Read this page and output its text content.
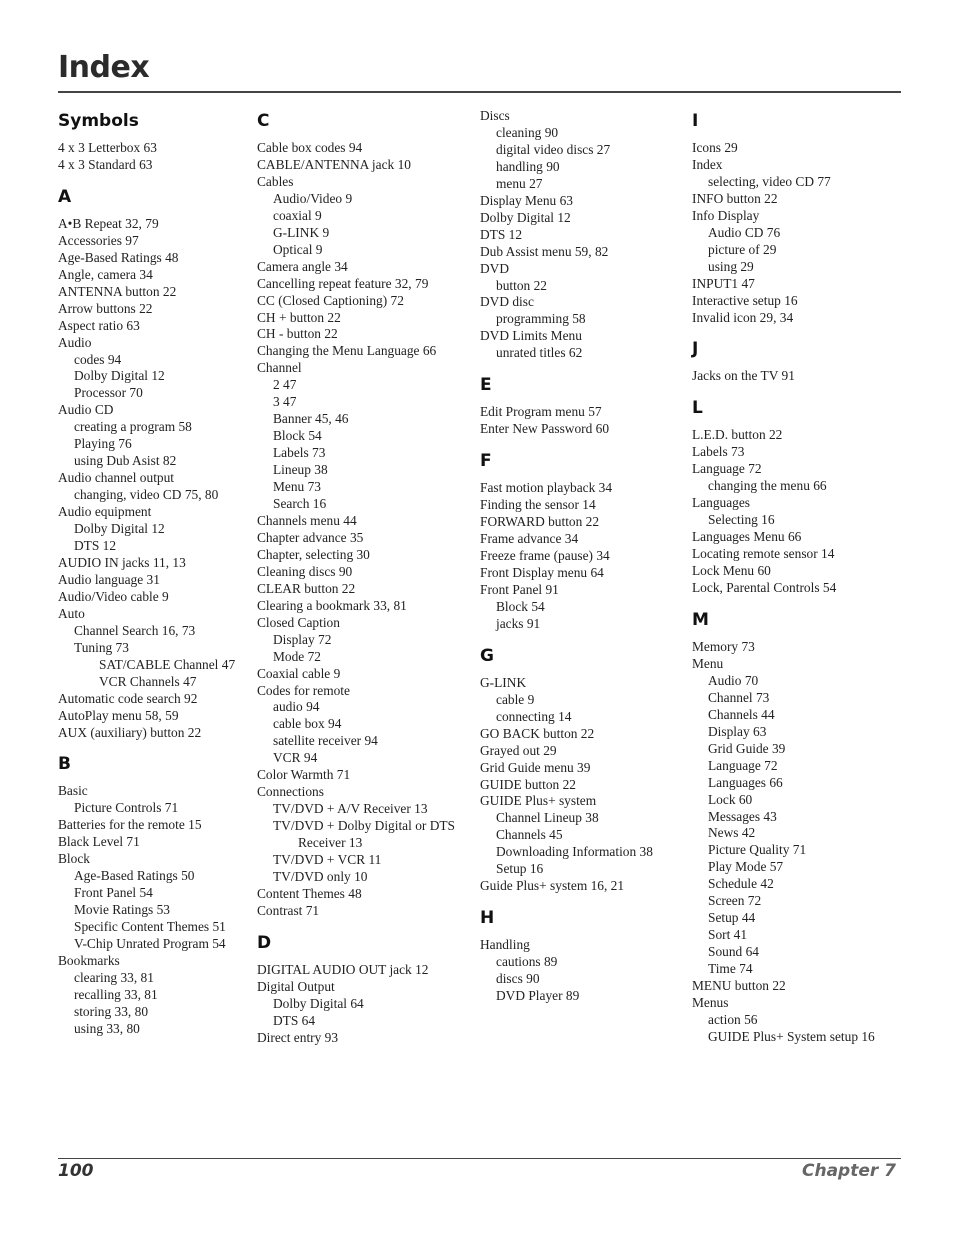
Index
Symbols
4 x 3 Letterbox 63
4 x 3 Standard 63
A
A•B Repeat 32, 79
Accessories 97
Age-Based Ratings 48
Angle, camera 34
ANTENNA button 22
Arrow buttons 22
Aspect ratio 63
Audio
codes 94
Dolby Digital 12
Processor 70
Audio CD
creating a program 58
Playing 76
using Dub Asist 82
Audio channel output
changing, video CD 75, 80
Audio equipment
Dolby Digital 12
DTS 12
AUDIO IN jacks 11, 13
Audio language 31
Audio/Video cable 9
Auto
Channel Search 16, 73
Tuning 73
SAT/CABLE Channel 47
VCR Channels 47
Automatic code search 92
AutoPlay menu 58, 59
AUX (auxiliary) button 22
B
Basic
Picture Controls 71
Batteries for the remote 15
Black Level 71
Block
Age-Based Ratings 50
Front Panel 54
Movie Ratings 53
Specific Content Themes 51
V-Chip Unrated Program 54
Bookmarks
clearing 33, 81
recalling 33, 81
storing 33, 80
using 33, 80
C
Cable box codes 94
CABLE/ANTENNA jack 10
Cables
Audio/Video 9
coaxial 9
G-LINK 9
Optical 9
Camera angle 34
Cancelling repeat feature 32, 79
CC (Closed Captioning) 72
CH + button 22
CH - button 22
Changing the Menu Language 66
Channel
2 47
3 47
Banner 45, 46
Block 54
Labels 73
Lineup 38
Menu 73
Search 16
Channels menu 44
Chapter advance 35
Chapter, selecting 30
Cleaning discs 90
CLEAR button 22
Clearing a bookmark 33, 81
Closed Caption
Display 72
Mode 72
Coaxial cable 9
Codes for remote
audio 94
cable box 94
satellite receiver 94
VCR 94
Color Warmth 71
Connections
TV/DVD + A/V Receiver 13
TV/DVD + Dolby Digital or DTS
Receiver 13
TV/DVD + VCR 11
TV/DVD only 10
Content Themes 48
Contrast 71
D
DIGITAL AUDIO OUT jack 12
Digital Output
Dolby Digital 64
DTS 64
Direct entry 93
Discs
cleaning 90
digital video discs 27
handling 90
menu 27
Display Menu 63
Dolby Digital 12
DTS 12
Dub Assist menu 59, 82
DVD
button 22
DVD disc
programming 58
DVD Limits Menu
unrated titles 62
E
Edit Program menu 57
Enter New Password 60
F
Fast motion playback 34
Finding the sensor 14
FORWARD button 22
Frame advance 34
Freeze frame (pause) 34
Front Display menu 64
Front Panel 91
Block 54
jacks 91
G
G-LINK
cable 9
connecting 14
GO BACK button 22
Grayed out 29
Grid Guide menu 39
GUIDE button 22
GUIDE Plus+ system
Channel Lineup 38
Channels 45
Downloading Information 38
Setup 16
Guide Plus+ system 16, 21
H
Handling
cautions 89
discs 90
DVD Player 89
I
Icons 29
Index
selecting, video CD 77
INFO button 22
Info Display
Audio CD 76
picture of 29
using 29
INPUT1 47
Interactive setup 16
Invalid icon 29, 34
J
Jacks on the TV 91
L
L.E.D. button 22
Labels 73
Language 72
changing the menu 66
Languages
Selecting 16
Languages Menu 66
Locating remote sensor 14
Lock Menu 60
Lock, Parental Controls 54
M
Memory 73
Menu
Audio 70
Channel 73
Channels 44
Display 63
Grid Guide 39
Language 72
Languages 66
Lock 60
Messages 43
News 42
Picture Quality 71
Play Mode 57
Schedule 42
Screen 72
Setup 44
Sort 41
Sound 64
Time 74
MENU button 22
Menus
action 56
GUIDE Plus+ System setup 16
100	Chapter 7
